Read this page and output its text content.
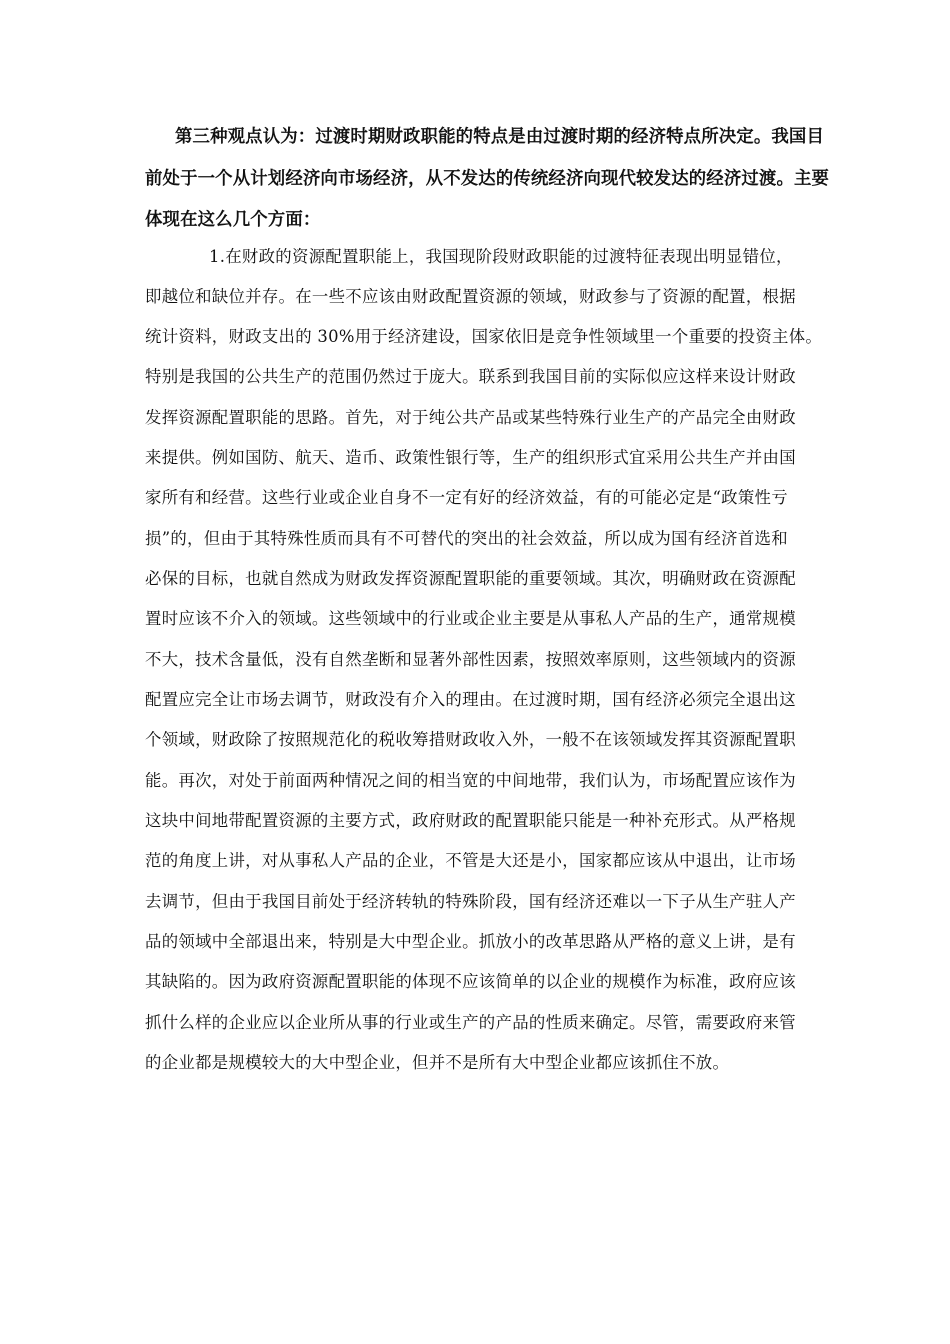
第三种观点认为：过渡时期财政职能的特点是由过渡时期的经济特点所决定。我国目
前处于一个从计划经济向市场经济，从不发达的传统经济向现代较发达的经济过渡。主要
体现在这么几个方面：
1.在财政的资源配置职能上，我国现阶段财政职能的过渡特征表现出明显错位，
即越位和缺位并存。在一些不应该由财政配置资源的领域，财政参与了资源的配置，根据
统计资料，财政支出的 30%用于经济建设，国家依旧是竞争性领域里一个重要的投资主体。
特别是我国的公共生产的范围仍然过于庞大。联系到我国目前的实际似应这样来设计财政
发挥资源配置职能的思路。首先，对于纯公共产品或某些特殊行业生产的产品完全由财政
来提供。例如国防、航天、造币、政策性银行等，生产的组织形式宜采用公共生产并由国
家所有和经营。这些行业或企业自身不一定有好的经济效益，有的可能必定是“政策性亏
损”的，但由于其特殊性质而具有不可替代的突出的社会效益，所以成为国有经济首选和
必保的目标，也就自然成为财政发挥资源配置职能的重要领域。其次，明确财政在资源配
置时应该不介入的领域。这些领域中的行业或企业主要是从事私人产品的生产，通常规模
不大，技术含量低，没有自然垄断和显著外部性因素，按照效率原则，这些领域内的资源
配置应完全让市场去调节，财政没有介入的理由。在过渡时期，国有经济必须完全退出这
个领域，财政除了按照规范化的税收筹措财政收入外，一般不在该领域发挥其资源配置职
能。再次，对处于前面两种情况之间的相当宽的中间地带，我们认为，市场配置应该作为
这块中间地带配置资源的主要方式，政府财政的配置职能只能是一种补充形式。从严格规
范的角度上讲，对从事私人产品的企业，不管是大还是小，国家都应该从中退出，让市场
去调节，但由于我国目前处于经济转轨的特殊阶段，国有经济还难以一下子从生产驻人产
品的领域中全部退出来，特别是大中型企业。抓放小的改革思路从严格的意义上讲，是有
其缺陷的。因为政府资源配置职能的体现不应该简单的以企业的规模作为标准，政府应该
抓什么样的企业应以企业所从事的行业或生产的产品的性质来确定。尽管，需要政府来管
的企业都是规模较大的大中型企业，但并不是所有大中型企业都应该抓住不放。
